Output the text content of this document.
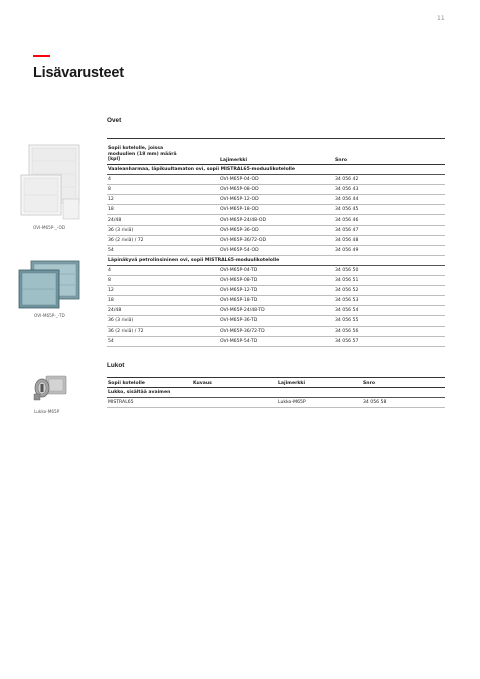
11
Lisävarusteet
OVI-M65P-_-OD
OVI-M65P-_-TD
Lukko-M65P
Ovet
Sopii kotelolle, joissa
moduulien (18 mm) määrä
[kpl]	Lajimerkki	Snro
Vaaleanharmaa, läpikuultamaton ovi, sopii MISTRAL65-moduulikotelolle		
4	OVI-M65P-04-OD	34 056 42
8	OVI-M65P-08-OD	34 056 43
12	OVI-M65P-12-OD	34 056 44
18	OVI-M65P-18-OD	34 056 45
24/48	OVI-M65P-24/48-OD	34 056 46
36 (3 riviä)	OVI-M65P-36-OD	34 056 47
36 (2 riviä) / 72	OVI-M65P-36/72-OD	34 056 48
54	OVI-M65P-54-OD	34 056 49
Läpinäkyvä petrolinsininen ovi, sopii MISTRAL65-moduulikotelolle		
4	OVI-M65P-04-TD	34 056 50
8	OVI-M65P-08-TD	34 056 51
12	OVI-M65P-12-TD	34 056 52
18	OVI-M65P-18-TD	34 056 53
24/48	OVI-M65P-24/48-TD	34 056 54
36 (3 riviä)	OVI-M65P-36-TD	34 056 55
36 (2 riviä) / 72	OVI-M65P-36/72-TD	34 056 56
54	OVI-M65P-54-TD	34 056 57
Lukot
Sopii kotelolle	Kuvaus	Lajimerkki	Snro
Lukko, sisältää avaimen			
MISTRAL65		Lukko-M65P	34 056 58
